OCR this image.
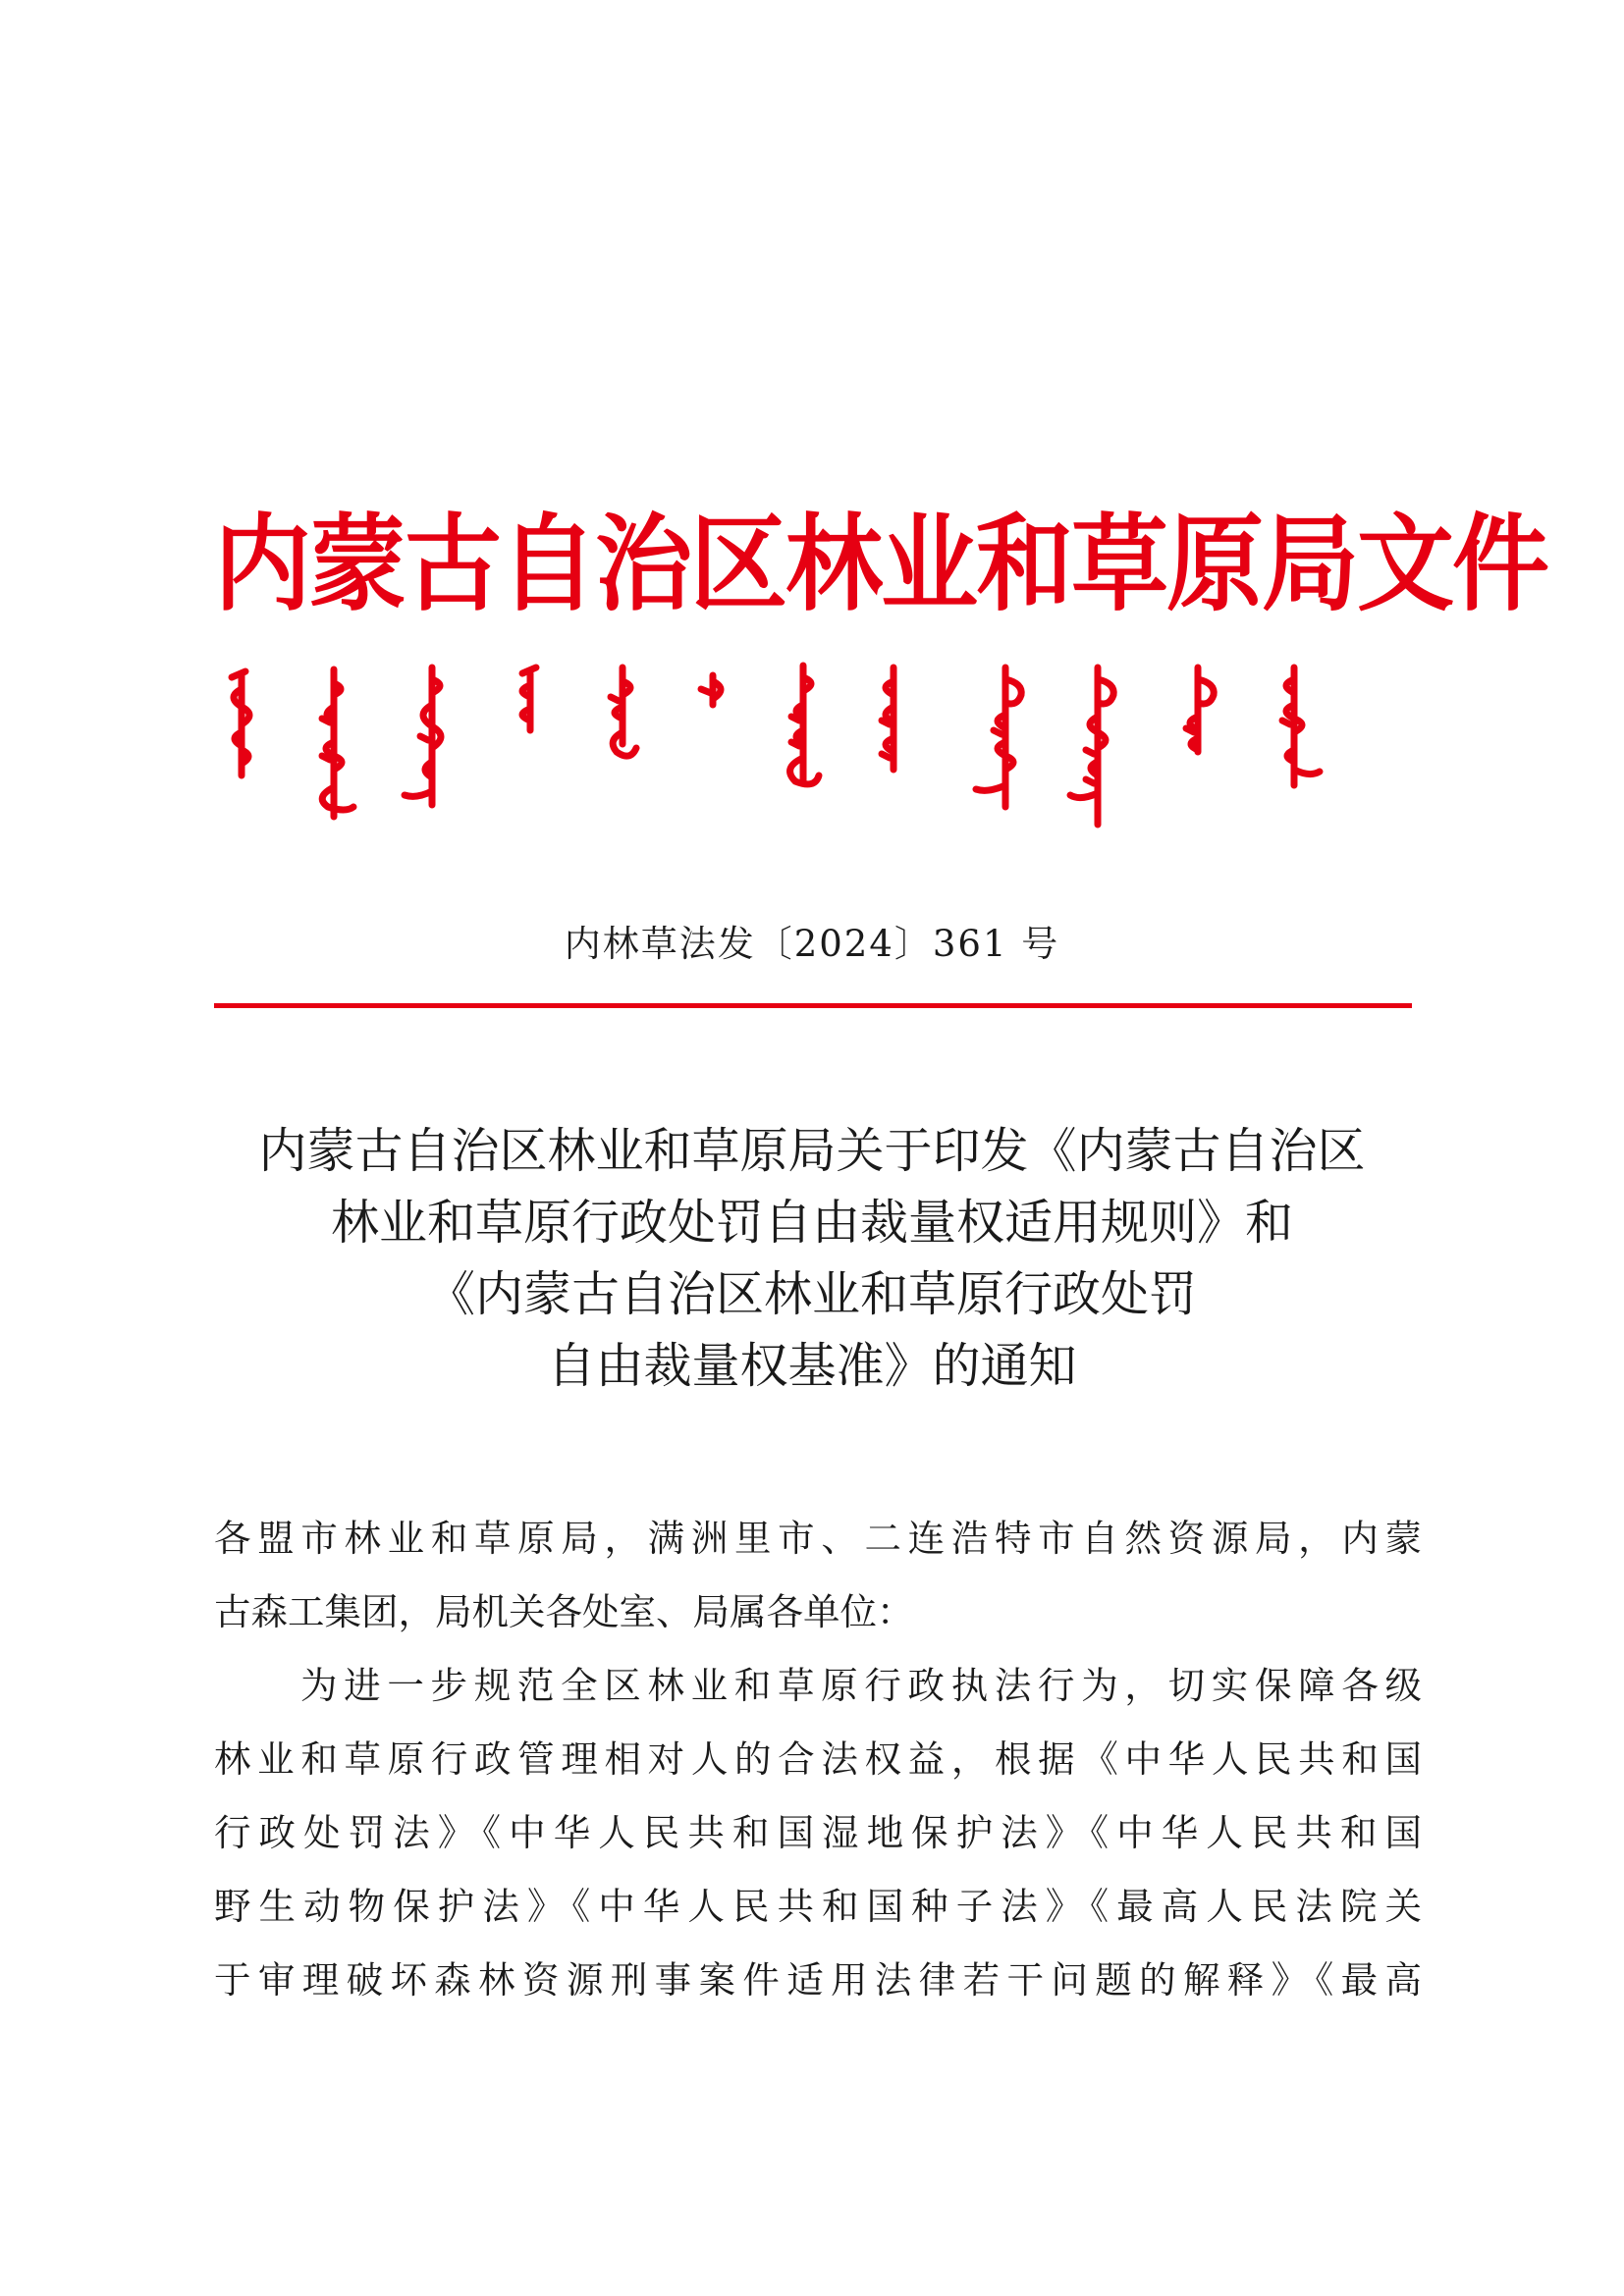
内蒙古自治区林业和草原局文件
内林草法发〔2024〕361 号
内蒙古自治区林业和草原局关于印发《内蒙古自治区
林业和草原行政处罚自由裁量权适用规则》和
《内蒙古自治区林业和草原行政处罚
自由裁量权基准》的通知
各盟市林业和草原局，满洲里市、二连浩特市自然资源局，内蒙
古森工集团，局机关各处室、局属各单位：
为进一步规范全区林业和草原行政执法行为，切实保障各级
林业和草原行政管理相对人的合法权益，根据《中华人民共和国
行政处罚法》《中华人民共和国湿地保护法》《中华人民共和国
野生动物保护法》《中华人民共和国种子法》《最高人民法院关
于审理破坏森林资源刑事案件适用法律若干问题的解释》《最高
